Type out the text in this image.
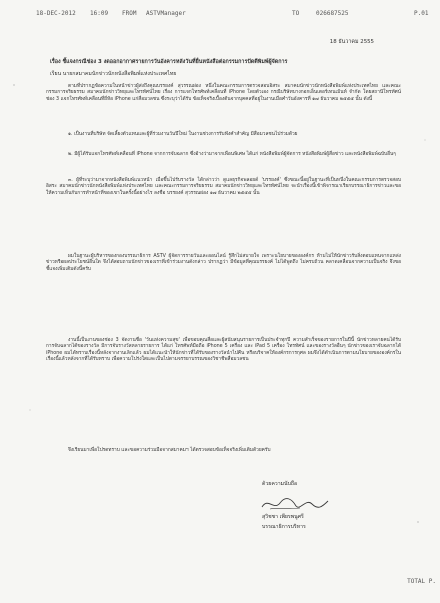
18-DEC-2012 16:09 FROM ASTVManager	TO	026687525	P.01
18 ธันวาคม 2555
เรื่อง ชี้แจงกรณีช่อง 3 งดออกอากาศรายการวันอังคารหลังวันที่ยื่นหนังสือต่อกรรมการปัดตีพิมพ์ผู้จัดการ
เรียน นายกสมาคมนักข่าวนักหนังสือพิมพ์แห่งประเทศไทย

ตามที่ปรากฏข้อความในหน้าข่าวผู้ส่งถึงคุณบรรยงค์ สุวรรณผ่อง หนึ่งในคณะกรรมการตรวจสอบอิสระ สมาคมนักข่าวนักหนังสือพิมพ์แห่งประเทศไทย และคณะกรรมการจริยธรรม สมาคมนักข่าววิทยุและโทรทัศน์ไทย เรื่อง การแจกโทรศัพท์เคลื่อนที่ iPhone โดยตัวเอง กรณีบริษัทบางกอกเอ็นเตอร์เทนเม้นท์ จำกัด โดยสถานีโทรทัศน์ ช่อง 3 แจกโทรศัพท์เคลื่อนที่ยี่ห้อ iPhone แก่สื่อมวลชน ซึ่งระบุว่าได้รับ ข้อเท็จจริงเบื้องต้นจากบุคคลที่อยู่ในงานเมื่อคำวันอังคารที่ ๑๗ ธันวาคม ๒๕๕๕ นั้น ดังนี้

๑. เป็นงานที่บริษัท จัดเลี้ยงตัวแทนและผู้ที่ร่วมงานวันปีใหม่ ในงานช่วงการรับฟังคำสำคัญ มีสื่อมวลชนไปร่วมด้วย

๒. มีผู้ได้รับแจกโทรศัพท์เคลื่อนที่ iPhone จากการจับฉลาก ซึ่งอ้างว่ามาจากเพื่อนพิเศษ ได้แก่ หนังสือพิมพ์ผู้จัดการ หนังสือพิมพ์ผู้สื่อข่าว และหนังสือพิมพ์ฉบับอื่นๆ

๓. ผู้ที่ระบุว่ามาจากหนังสือพิมพ์แนวหน้า เมื่อขึ้นไปรับรางวัล ได้กล่าวว่า ดูแลธุรกิจพลอยด์ 'บรรยงค์' ซึ่งขณะนี้อยู่ในฐานะที่เป็นหนึ่งในคณะกรรมการตรวจสอบอิสระ สมาคมนักข่าวนักหนังสือพิมพ์แห่งประเทศไทย และคณะกรรมการจริยธรรม สมาคมนักข่าววิทยุและโทรทัศน์ไทย จะนำเรื่องนี้เข้าพิจารณาเรียกบรรณาธิการข่าวและขอให้ความเห็นกับการทำหน้าที่ของเขาในครั้งนี้อย่างไร ลงชื่อ บรรยงค์ สุวรรณผ่อง ๑๗ ธันวาคม ๒๕๕๕ นั้น

ผมในฐานะผู้บริหารของกองบรรณาธิการ ASTV ผู้จัดการรายวันและออนไลน์ รู้สึกไม่สบายใจ เพราะนโยบายขององค์กร ห้ามไม่ให้นักข่าวรับสิ่งตอบแทนจากแหล่งข่าวหรือผลประโยชน์อื่นใด จึงได้สอบถามนักข่าวของเราที่เข้าร่วมงานดังกล่าว ปรากฏว่า มีข้อมูลที่คุณบรรยงค์ ไม่ได้พูดถึง ไม่ครบถ้วน คลาดเคลื่อนจากความเป็นจริง จึงขอชี้แจงเพิ่มเติมดังนี้ครับ

งานนี้เป็นงานของช่อง 3 จัดงานชื่อ 'วันแห่งความสุข' เพื่อขอบคุณสื่อและผู้สนับสนุนรายการเป็นประจำทุกปี ความสำเร็จของรายการในปีนี้ นักข่าวหลายคนได้รับการจับฉลากได้ของรางวัล มีการจับรางวัลหลายรายการ ได้แก่ โทรศัพท์มือถือ iPhone 5 เครื่อง และ iPad 5 เครื่อง โทรทัศน์ และของรางวัลอื่นๆ นักข่าวของเราจับฉลากได้ iPhone ผมได้ทราบเรื่องนี้หลังจากงานเลิกแล้ว ผมได้แนะนำให้นักข่าวที่ได้รับของรางวัลนำไปคืน หรือบริจาคให้องค์กรการกุศล ผมจึงได้ดำเนินการตามนโยบายขององค์กรในเรื่องนี้แล้วหลังจากที่ได้รับทราบ เพื่อความโปร่งใสและเป็นไปตามจรรยาบรรณของวิชาชีพสื่อมวลชน

จึงเรียนมาเพื่อโปรดทราบ และขอความร่วมมือจากสมาคมฯ ได้ตรวจสอบข้อเท็จจริงเพิ่มเติมด้วยครับ

ด้วยความนับถือ
สุวิชชา เพียรพนูศรี
บรรณาธิการบริหาร
TOTAL P.
